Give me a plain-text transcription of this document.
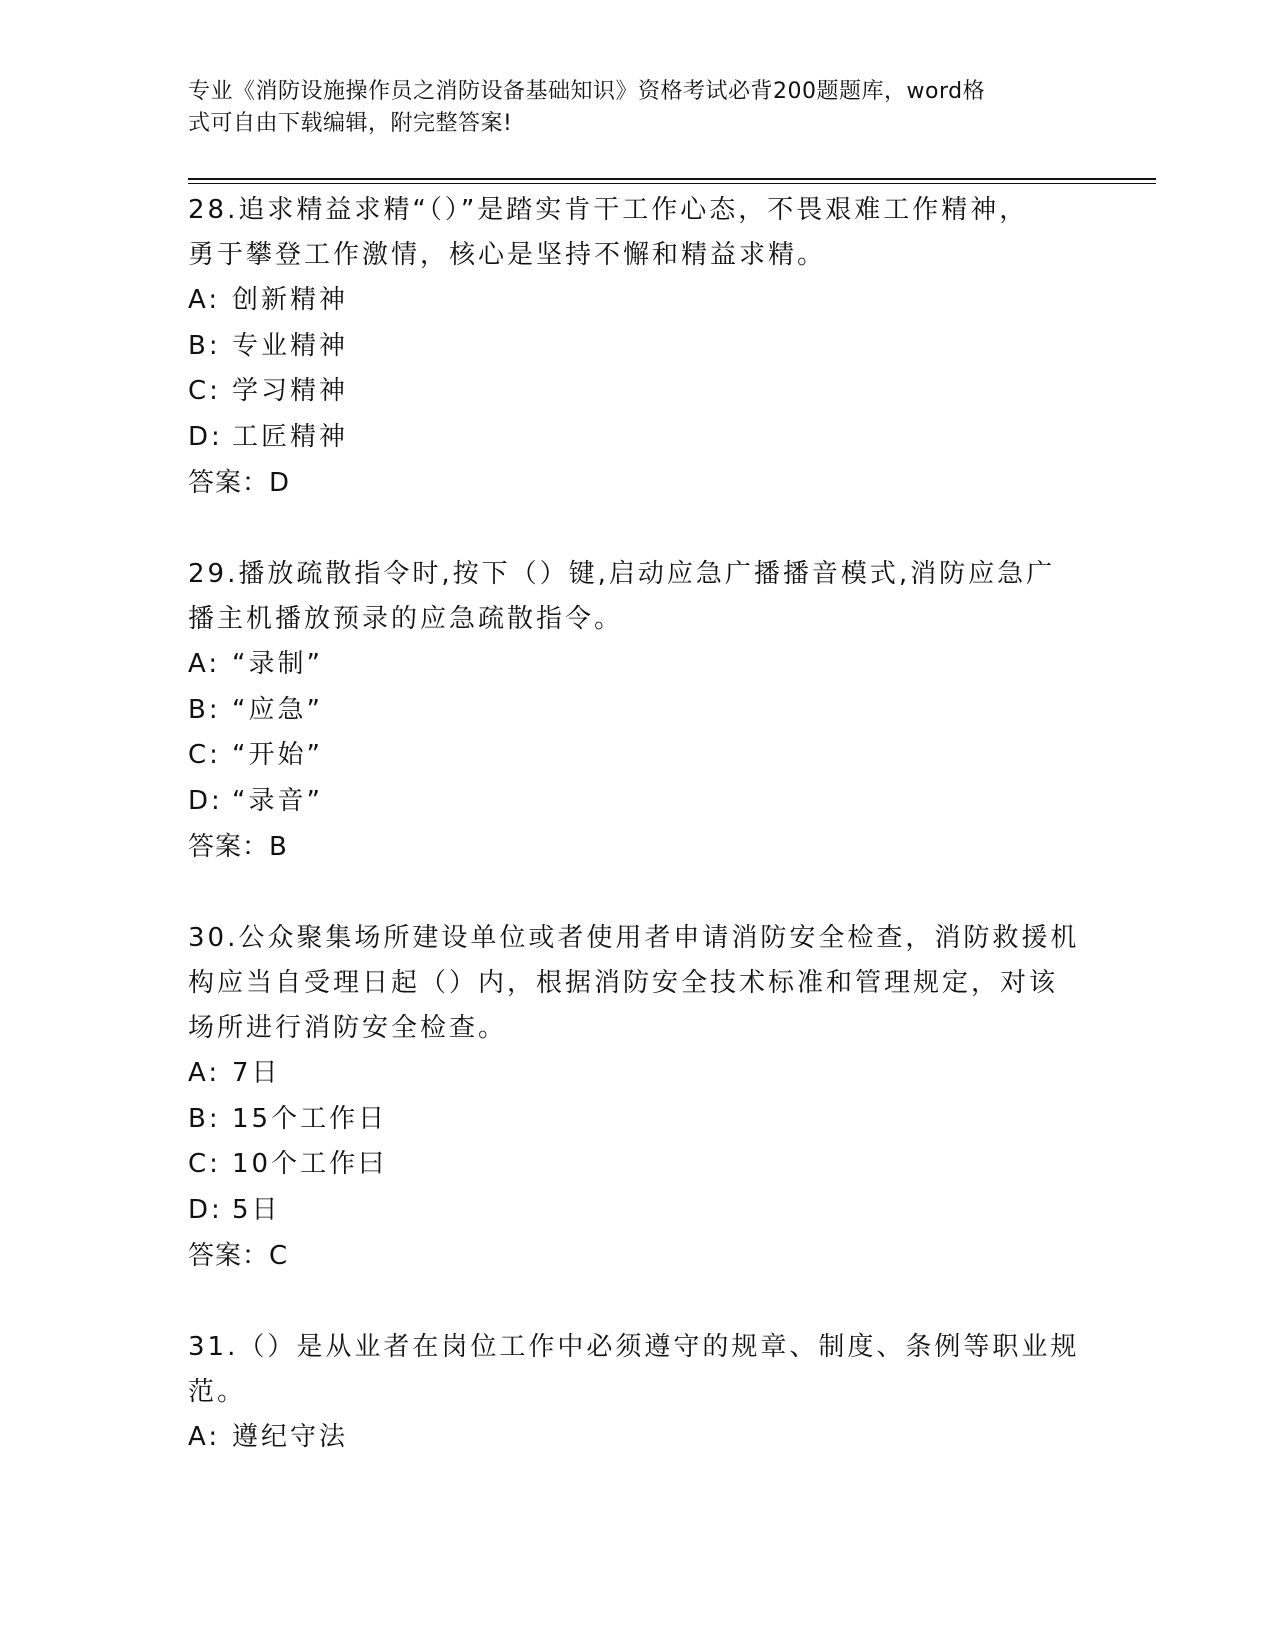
专业《消防设施操作员之消防设备基础知识》资格考试必背200题题库，word格
式可自由下载编辑，附完整答案!
28.追求精益求精“（）”是踏实肯干工作心态，不畏艰难工作精神，
勇于攀登工作激情，核心是坚持不懈和精益求精。
A: 创新精神
B: 专业精神
C: 学习精神
D: 工匠精神
答案：D
29.播放疏散指令时,按下（）键,启动应急广播播音模式,消防应急广
播主机播放预录的应急疏散指令。
A: “录制”
B: “应急”
C: “开始”
D: “录音”
答案：B
30.公众聚集场所建设单位或者使用者申请消防安全检查，消防救援机
构应当自受理日起（）内，根据消防安全技术标准和管理规定，对该
场所进行消防安全检查。
A: 7日
B: 15个工作日
C: 10个工作曰
D: 5日
答案：C
31.（）是从业者在岗位工作中必须遵守的规章、制度、条例等职业规
范。
A: 遵纪守法
